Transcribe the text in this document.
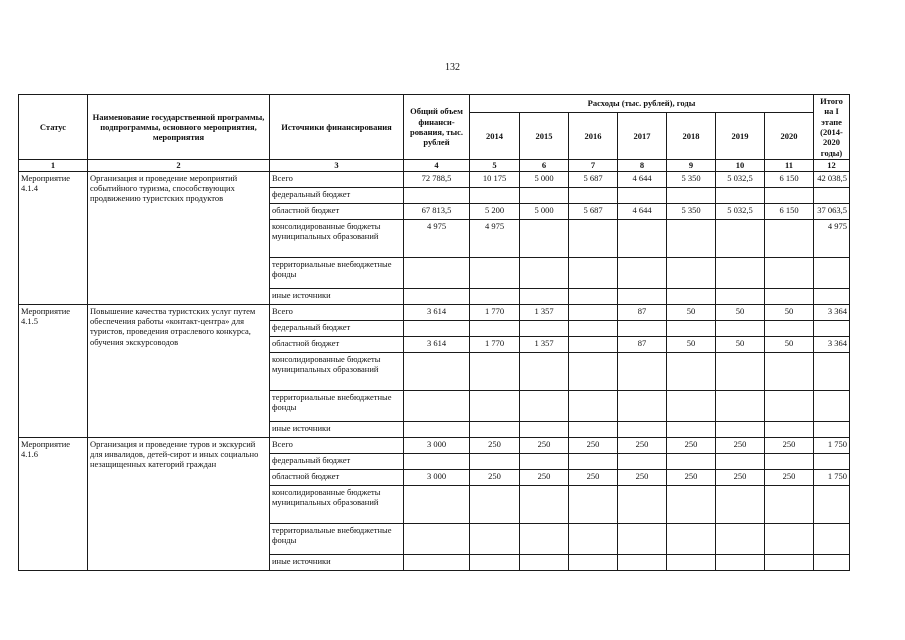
132
Статус	Наименование государственной программы, подпрограммы, основного мероприятия, мероприятия	Источники финансирования	Общий объем финанси-рования, тыс. рублей	Расходы (тыс. рублей), годы							Итого на I этапе (2014-2020 годы)
				2014	2015	2016	2017	2018	2019	2020	
1	2	3	4	5	6	7	8	9	10	11	12
Мероприятие 4.1.4	Организация и проведение мероприятий событийного туризма, способствующих продвижению туристских продуктов	Всего	72 788,5	10 175	5 000	5 687	4 644	5 350	5 032,5	6 150	42 038,5
		федеральный бюджет									
		областной бюджет	67 813,5	5 200	5 000	5 687	4 644	5 350	5 032,5	6 150	37 063,5
		консолидированные бюджеты муниципальных образований	4 975	4 975							4 975
		территориальные внебюджетные фонды									
		иные источники									
Мероприятие 4.1.5	Повышение качества туристских услуг путем обеспечения работы «контакт-центра» для туристов, проведения отраслевого конкурса, обучения экскурсоводов	Всего	3 614	1 770	1 357		87	50	50	50	3 364
		федеральный бюджет									
		областной бюджет	3 614	1 770	1 357		87	50	50	50	3 364
		консолидированные бюджеты муниципальных образований									
		территориальные внебюджетные фонды									
		иные источники									
Мероприятие 4.1.6	Организация и проведение туров и экскурсий для инвалидов, детей-сирот и иных социально незащищенных категорий граждан	Всего	3 000	250	250	250	250	250	250	250	1 750
		федеральный бюджет									
		областной бюджет	3 000	250	250	250	250	250	250	250	1 750
		консолидированные бюджеты муниципальных образований									
		территориальные внебюджетные фонды									
		иные источники									
